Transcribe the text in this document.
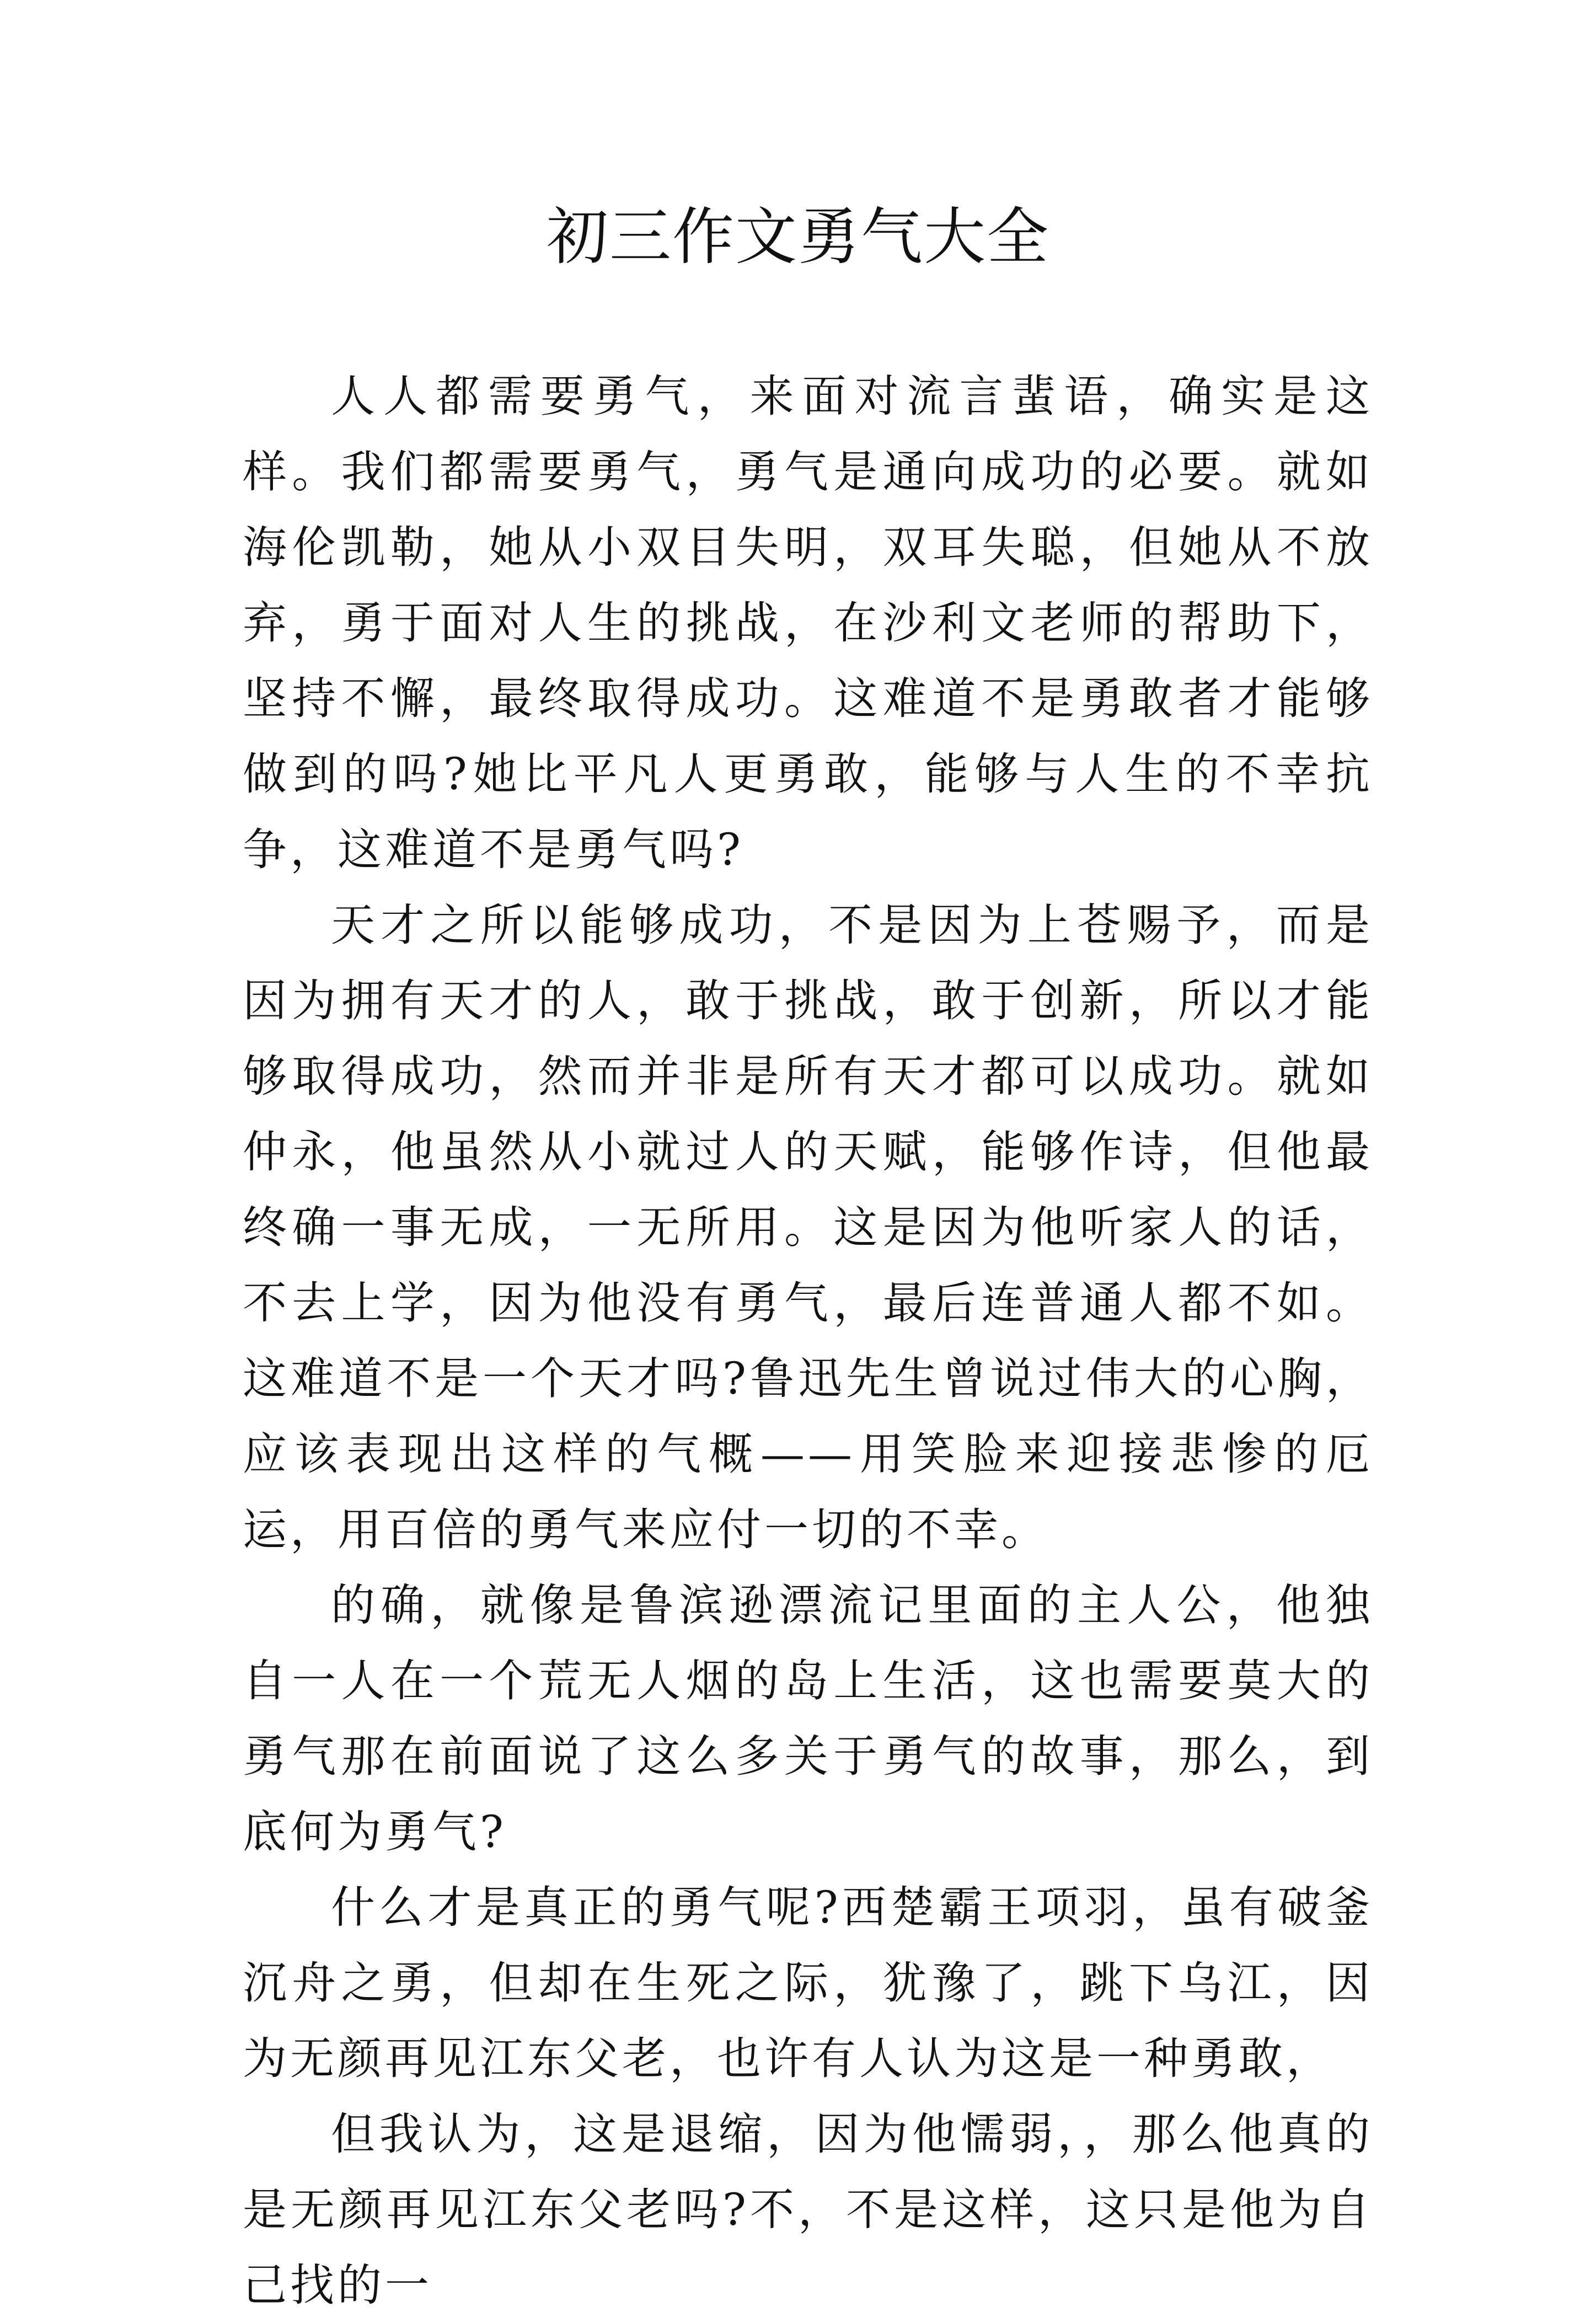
初三作文勇气大全

人人都需要勇气，来面对流言蜚语，确实是这样。我们都需要勇气，勇气是通向成功的必要。就如海伦凯勒，她从小双目失明，双耳失聪，但她从不放弃，勇于面对人生的挑战，在沙利文老师的帮助下，坚持不懈，最终取得成功。这难道不是勇敢者才能够做到的吗?她比平凡人更勇敢，能够与人生的不幸抗争，这难道不是勇气吗?

天才之所以能够成功，不是因为上苍赐予，而是因为拥有天才的人，敢于挑战，敢于创新，所以才能够取得成功，然而并非是所有天才都可以成功。就如仲永，他虽然从小就过人的天赋，能够作诗，但他最终确一事无成，一无所用。这是因为他听家人的话，不去上学，因为他没有勇气，最后连普通人都不如。这难道不是一个天才吗?鲁迅先生曾说过伟大的心胸，应该表现出这样的气概——用笑脸来迎接悲惨的厄运，用百倍的勇气来应付一切的不幸。

的确，就像是鲁滨逊漂流记里面的主人公，他独自一人在一个荒无人烟的岛上生活，这也需要莫大的勇气那在前面说了这么多关于勇气的故事，那么，到底何为勇气?

什么才是真正的勇气呢?西楚霸王项羽，虽有破釜沉舟之勇，但却在生死之际，犹豫了，跳下乌江，因为无颜再见江东父老，也许有人认为这是一种勇敢，

但我认为，这是退缩，因为他懦弱，，那么他真的是无颜再见江东父老吗?不，不是这样，这只是他为自己找的一
